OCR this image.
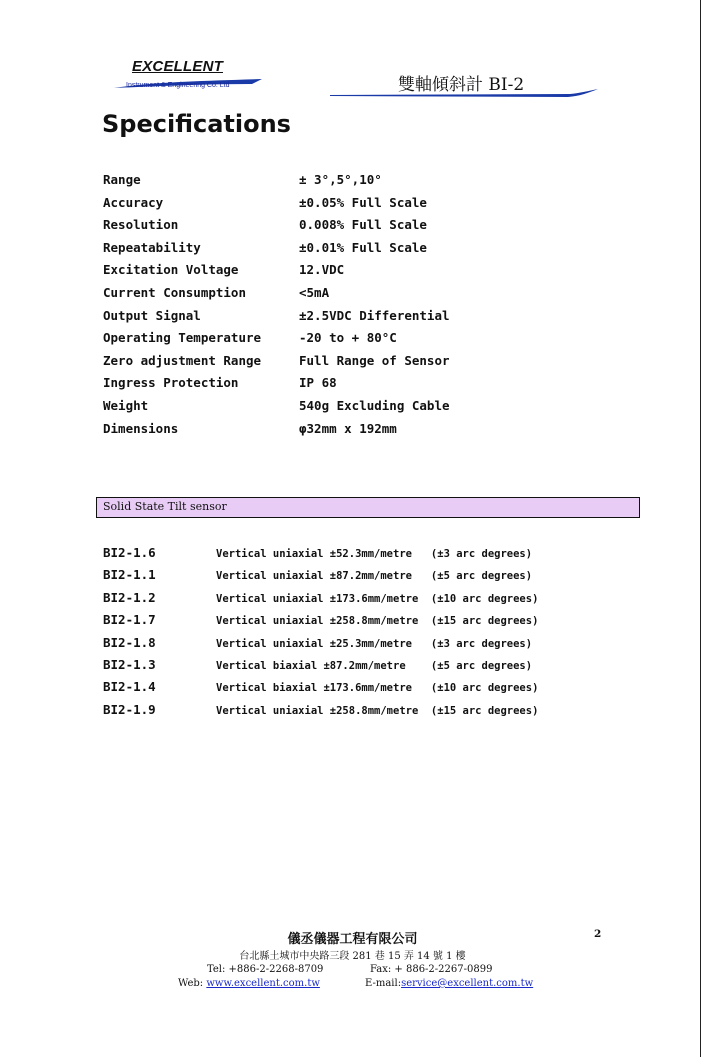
EXCELLENT
Instrument & Engineering Co. Ltd	雙軸傾斜計 BI-2
Specifications
Range	± 3°,5°,10°
Accuracy	±0.05% Full Scale
Resolution	0.008% Full Scale
Repeatability	±0.01% Full Scale
Excitation Voltage	12.VDC
Current Consumption	<5mA
Output Signal	±2.5VDC Differential
Operating Temperature	-20 to + 80°C
Zero adjustment Range	Full Range of Sensor
Ingress Protection	IP 68
Weight	540g Excluding Cable
Dimensions	φ32mm x 192mm
Solid State Tilt sensor
BI2-1.6	Vertical uniaxial ±52.3mm/metre   (±3 arc degrees)
BI2-1.1	Vertical uniaxial ±87.2mm/metre   (±5 arc degrees)
BI2-1.2	Vertical uniaxial ±173.6mm/metre  (±10 arc degrees)
BI2-1.7	Vertical uniaxial ±258.8mm/metre  (±15 arc degrees)
BI2-1.8	Vertical uniaxial ±25.3mm/metre   (±3 arc degrees)
BI2-1.3	Vertical biaxial ±87.2mm/metre    (±5 arc degrees)
BI2-1.4	Vertical biaxial ±173.6mm/metre   (±10 arc degrees)
BI2-1.9	Vertical uniaxial ±258.8mm/metre  (±15 arc degrees)
儀丞儀器工程有限公司
台北縣土城市中央路三段 281 巷 15 弄 14 號 1 樓
Tel: +886-2-2268-8709	Fax: + 886-2-2267-0899
Web: www.excellent.com.tw	E-mail:service@excellent.com.tw
2
